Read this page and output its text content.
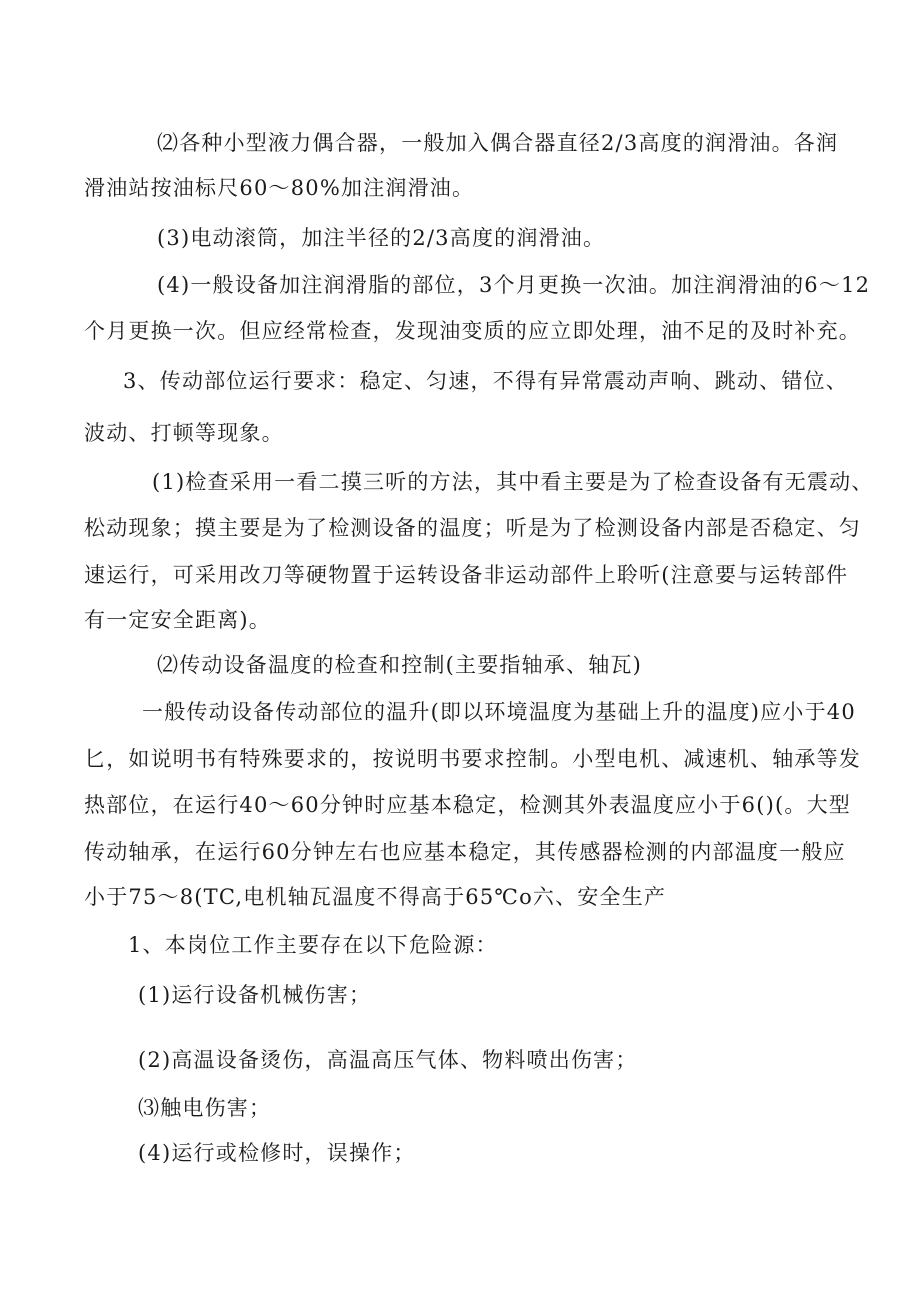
⑵各种小型液力偶合器，一般加入偶合器直径2/3高度的润滑油。各润
滑油站按油标尺60〜80%加注润滑油。
(3)电动滚筒，加注半径的2/3高度的润滑油。
(4)一般设备加注润滑脂的部位，3个月更换一次油。加注润滑油的6〜12
个月更换一次。但应经常检查，发现油变质的应立即处理，油不足的及时补充。
3、传动部位运行要求：稳定、匀速，不得有异常震动声响、跳动、错位、
波动、打顿等现象。
(1)检查采用一看二摸三听的方法，其中看主要是为了检查设备有无震动、
松动现象；摸主要是为了检测设备的温度；听是为了检测设备内部是否稳定、匀
速运行，可采用改刀等硬物置于运转设备非运动部件上聆听(注意要与运转部件
有一定安全距离)。
⑵传动设备温度的检查和控制(主要指轴承、轴瓦)
一般传动设备传动部位的温升(即以环境温度为基础上升的温度)应小于40
匕，如说明书有特殊要求的，按说明书要求控制。小型电机、减速机、轴承等发
热部位，在运行40〜60分钟时应基本稳定，检测其外表温度应小于6()(。大型
传动轴承，在运行60分钟左右也应基本稳定，其传感器检测的内部温度一般应
小于75〜8(TC,电机轴瓦温度不得高于65℃o六、安全生产
1、本岗位工作主要存在以下危险源：
(1)运行设备机械伤害；
(2)高温设备烫伤，高温高压气体、物料喷出伤害；
⑶触电伤害；
(4)运行或检修时，误操作；
